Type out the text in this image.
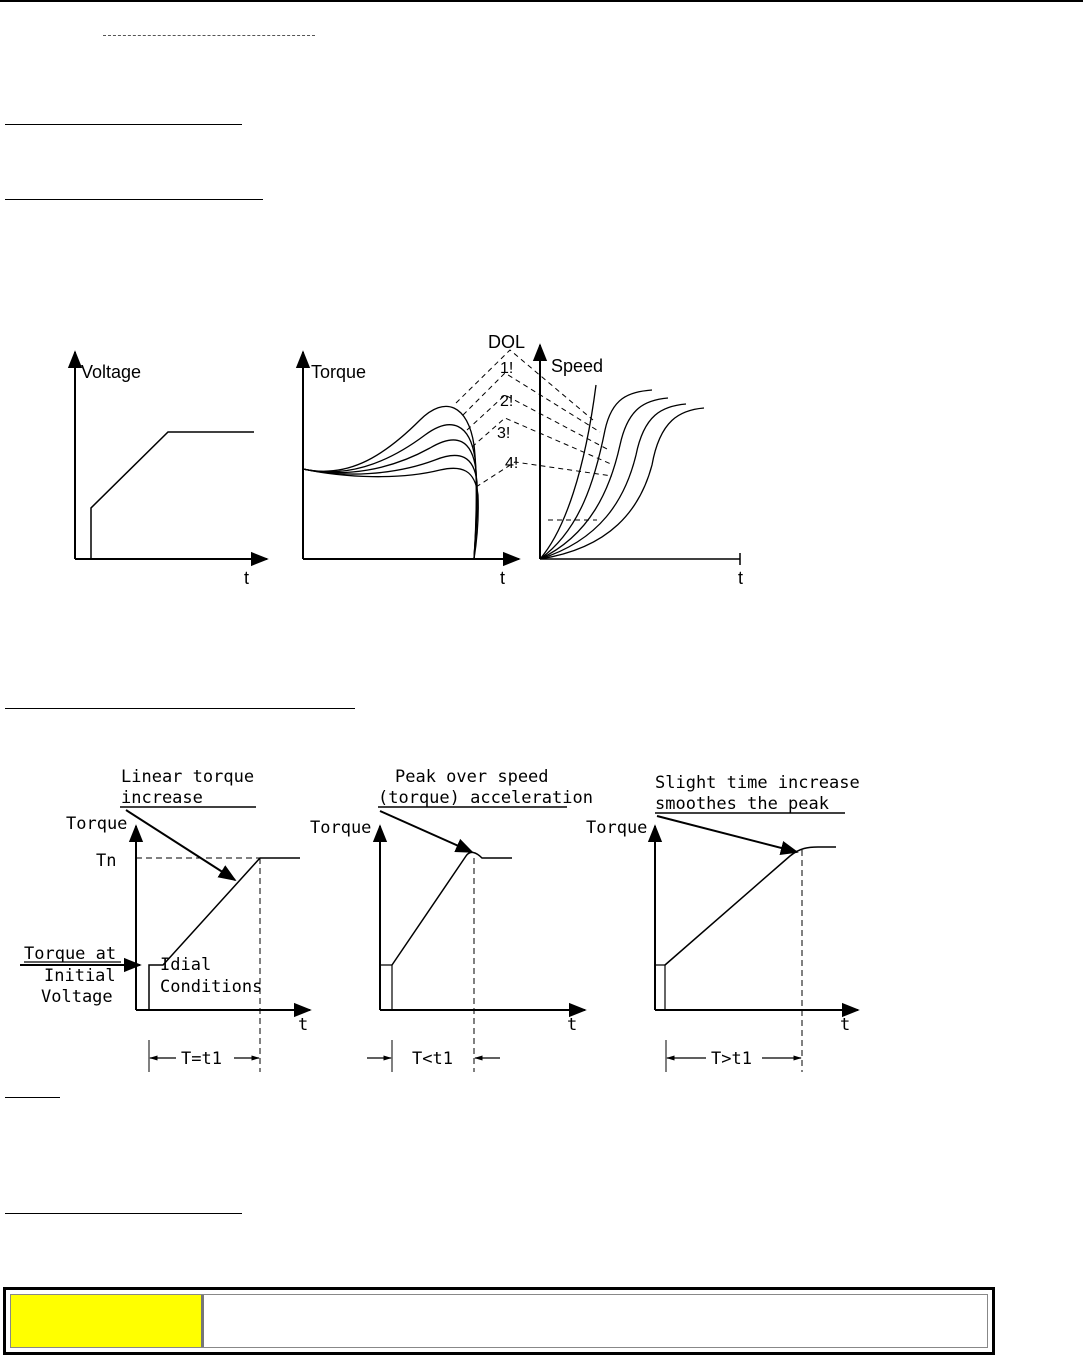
Voltage
t
Torque
t
DOL
1!
2!
3!
4!
Speed
t
Linear torque
increase
Torque
Tn
Torque at
Initial
Voltage
Idial
Conditions
t
T=t1
Peak over speed
(torque) acceleration
Torque
t
T<t1
Slight time increase
smoothes the peak
Torque
t
T>t1
